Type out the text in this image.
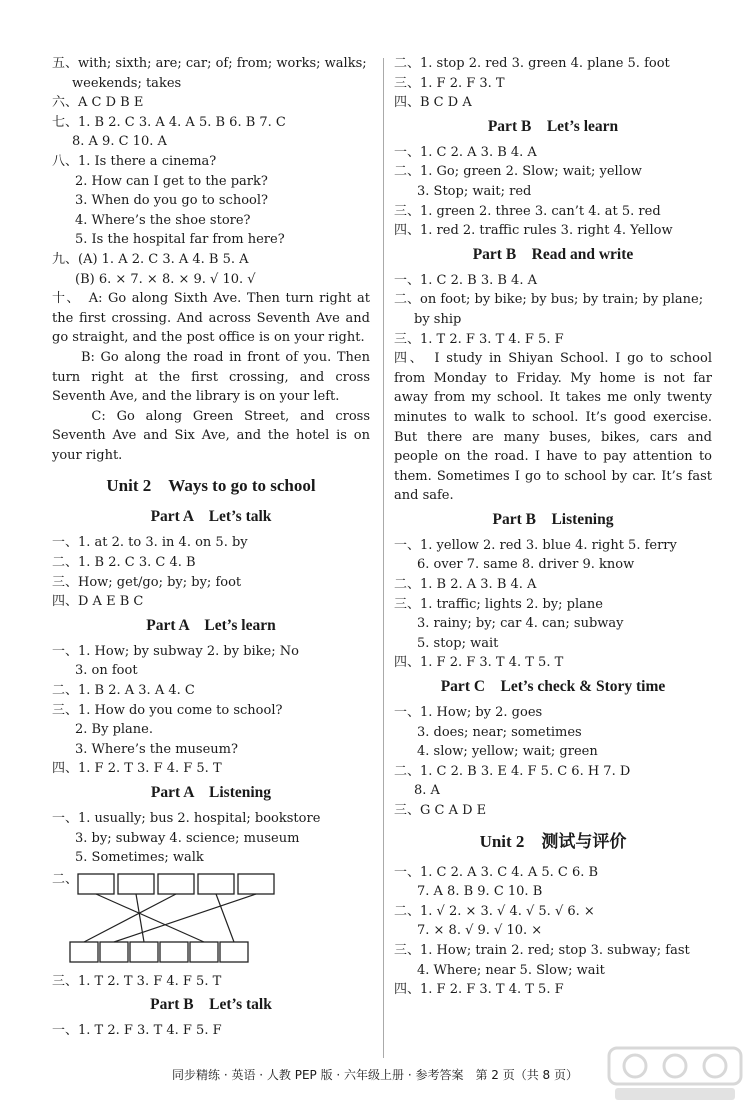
五、with; sixth; are; car; of; from; works; walks;
weekends; takes
六、A C D B E
七、1. B 2. C 3. A 4. A 5. B 6. B 7. C
8. A 9. C 10. A
八、1. Is there a cinema?
2. How can I get to the park?
3. When do you go to school?
4. Where’s the shoe store?
5. Is the hospital far from here?
九、(A) 1. A 2. C 3. A 4. B 5. A
(B) 6. × 7. × 8. × 9. √ 10. √
十、　A: Go along Sixth Ave. Then turn right at the first crossing. And across Seventh Ave and go straight, and the post office is on your right.
　　B: Go along the road in front of you. Then turn right at the first crossing, and cross Seventh Ave, and the library is on your left.
　　C: Go along Green Street, and cross Seventh Ave and Six Ave, and the hotel is on your right.
Unit 2　Ways to go to school
Part A　Let’s talk
一、1. at 2. to 3. in 4. on 5. by
二、1. B 2. C 3. C 4. B
三、How; get/go; by; by; foot
四、D A E B C
Part A　Let’s learn
一、1. How; by subway 2. by bike; No
3. on foot
二、1. B 2. A 3. A 4. C
三、1. How do you come to school?
2. By plane.
3. Where’s the museum?
四、1. F 2. T 3. F 4. F 5. T
Part A　Listening
一、1. usually; bus 2. hospital; bookstore
3. by; subway 4. science; museum
5. Sometimes; walk
二、
三、1. T 2. T 3. F 4. F 5. T
Part B　Let’s talk
一、1. T 2. F 3. T 4. F 5. F
二、1. stop 2. red 3. green 4. plane 5. foot
三、1. F 2. F 3. T
四、B C D A
Part B　Let’s learn
一、1. C 2. A 3. B 4. A
二、1. Go; green 2. Slow; wait; yellow
3. Stop; wait; red
三、1. green 2. three 3. can’t 4. at 5. red
四、1. red 2. traffic rules 3. right 4. Yellow
Part B　Read and write
一、1. C 2. B 3. B 4. A
二、on foot; by bike; by bus; by train; by plane;
by ship
三、1. T 2. F 3. T 4. F 5. F
四、　I study in Shiyan School. I go to school from Monday to Friday. My home is not far away from my school. It takes me only twenty minutes to walk to school. It’s good exercise. But there are many buses, bikes, cars and people on the road. I have to pay attention to them. Sometimes I go to school by car. It’s fast and safe.
Part B　Listening
一、1. yellow 2. red 3. blue 4. right 5. ferry
6. over 7. same 8. driver 9. know
二、1. B 2. A 3. B 4. A
三、1. traffic; lights 2. by; plane
3. rainy; by; car 4. can; subway
5. stop; wait
四、1. F 2. F 3. T 4. T 5. T
Part C　Let’s check & Story time
一、1. How; by 2. goes
3. does; near; sometimes
4. slow; yellow; wait; green
二、1. C 2. B 3. E 4. F 5. C 6. H 7. D
8. A
三、G C A D E
Unit 2　测试与评价
一、1. C 2. A 3. C 4. A 5. C 6. B
7. A 8. B 9. C 10. B
二、1. √ 2. × 3. √ 4. √ 5. √ 6. ×
7. × 8. √ 9. √ 10. ×
三、1. How; train 2. red; stop 3. subway; fast
4. Where; near 5. Slow; wait
四、1. F 2. F 3. T 4. T 5. F
同步精练 · 英语 · 人教 PEP 版 · 六年级上册 · 参考答案　第 2 页（共 8 页）
